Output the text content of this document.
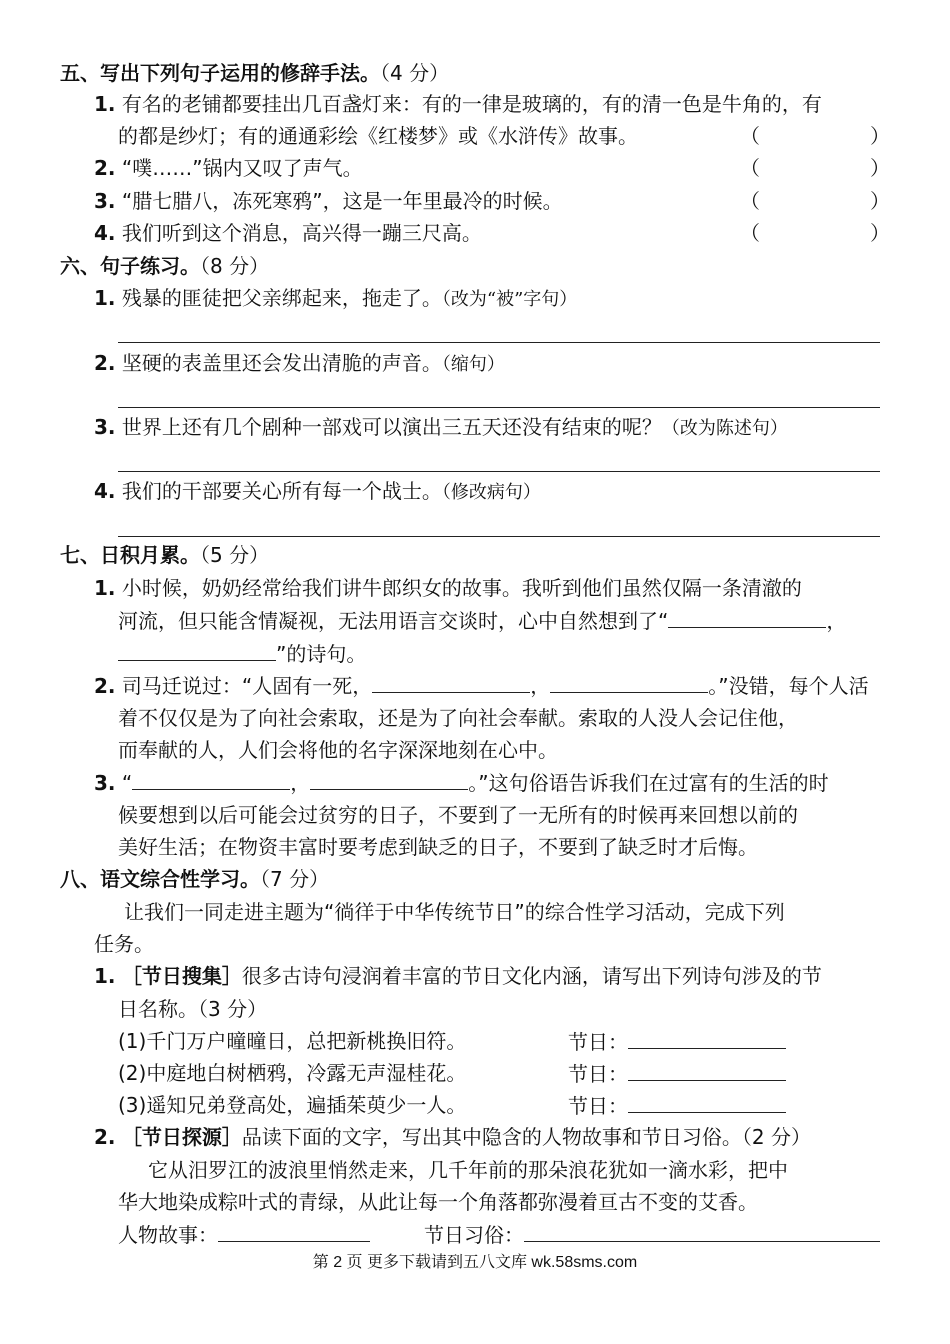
五、写出下列句子运用的修辞手法。（4 分）
1. 有名的老铺都要挂出几百盏灯来：有的一律是玻璃的，有的清一色是牛角的，有
的都是纱灯；有的通通彩绘《红楼梦》或《水浒传》故事。	（	）
2. “噗……”锅内又叹了声气。	（	）
3. “腊七腊八，冻死寒鸦”，这是一年里最冷的时候。	（	）
4. 我们听到这个消息，高兴得一蹦三尺高。	（	）
六、句子练习。（8 分）
1. 残暴的匪徒把父亲绑起来，拖走了。（改为“被”字句）
2. 坚硬的表盖里还会发出清脆的声音。（缩句）
3. 世界上还有几个剧种一部戏可以演出三五天还没有结束的呢？（改为陈述句）
4. 我们的干部要关心所有每一个战士。（修改病句）
七、日积月累。（5 分）
1. 小时候，奶奶经常给我们讲牛郎织女的故事。我听到他们虽然仅隔一条清澈的
河流，但只能含情凝视，无法用语言交谈时，心中自然想到了“	，
”的诗句。
2. 司马迁说过：“人固有一死，	，	。”没错，每个人活
着不仅仅是为了向社会索取，还是为了向社会奉献。索取的人没人会记住他，
而奉献的人，人们会将他的名字深深地刻在心中。
3. “	，	。”这句俗语告诉我们在过富有的生活的时
候要想到以后可能会过贫穷的日子，不要到了一无所有的时候再来回想以前的
美好生活；在物资丰富时要考虑到缺乏的日子，不要到了缺乏时才后悔。
八、语文综合性学习。（7 分）
让我们一同走进主题为“徜徉于中华传统节日”的综合性学习活动，完成下列
任务。
1. ［节日搜集］很多古诗句浸润着丰富的节日文化内涵，请写出下列诗句涉及的节
日名称。（3 分）
(1)千门万户曈曈日，总把新桃换旧符。	节日：
(2)中庭地白树栖鸦，冷露无声湿桂花。	节日：
(3)遥知兄弟登高处，遍插茱萸少一人。	节日：
2. ［节日探源］品读下面的文字，写出其中隐含的人物故事和节日习俗。（2 分）
它从汨罗江的波浪里悄然走来，几千年前的那朵浪花犹如一滴水彩，把中
华大地染成粽叶式的青绿，从此让每一个角落都弥漫着亘古不变的艾香。
人物故事：	节日习俗：
第 2 页 更多下载请到五八文库 wk.58sms.com
